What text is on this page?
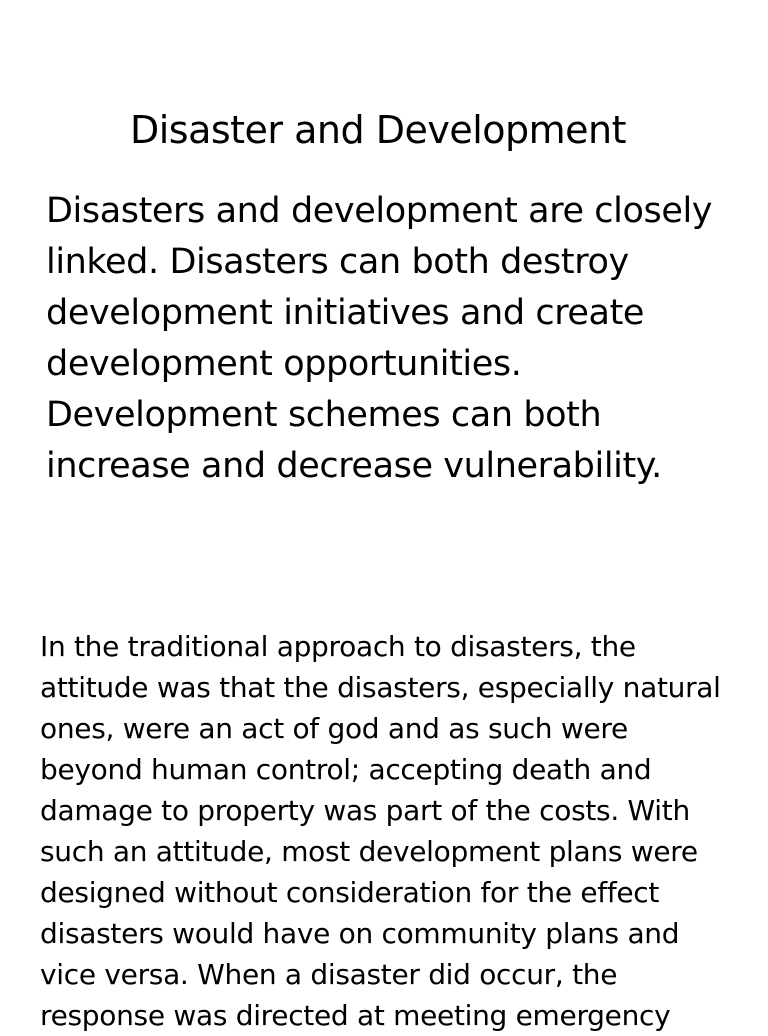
Disaster and Development

Disasters and development are closely
linked. Disasters can both destroy
development initiatives and create
development opportunities.
Development schemes can both
increase and decrease vulnerability.

In the traditional approach to disasters, the
attitude was that the disasters, especially natural
ones, were an act of god and as such were
beyond human control; accepting death and
damage to property was part of the costs. With
such an attitude, most development plans were
designed without consideration for the effect
disasters would have on community plans and
vice versa. When a disaster did occur, the
response was directed at meeting emergency
